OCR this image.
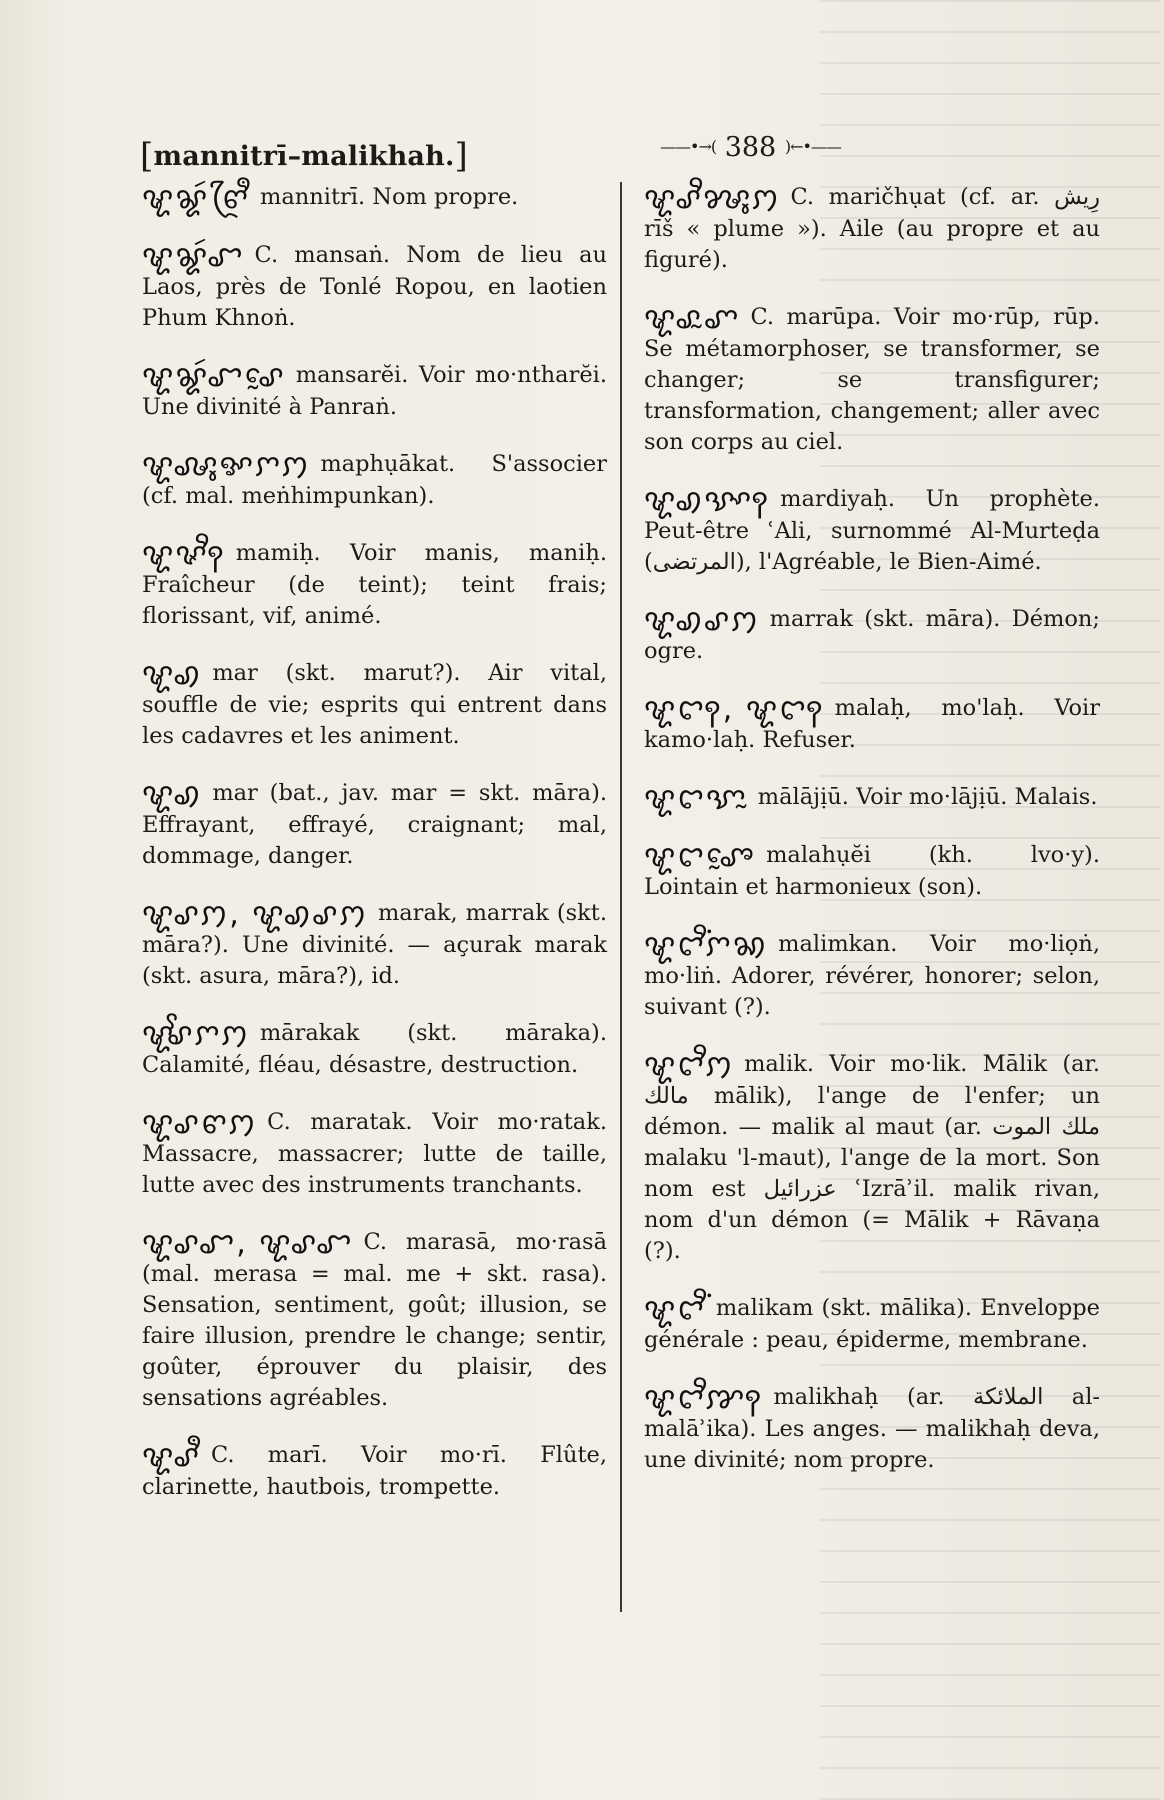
[mannitrī–malikhah.]	——•→( 388 )←•——
ꨠꨘꩃꨓꨴꨫ mannitrī. Nom propre.
ꨠꨘꩃꨧ C. mansaṅ. Nom de lieu au Laos, près de Tonlé Ropou, en laotien Phum Khnoṅ.
ꨠꨘꩃꨧꨣꨰ mansarĕi. Voir mo·ntharĕi. Une divinité à Panraṅ.
ꨠꨜꨶꨀꨆꩀ maphụākat. S'associer (cf. mal. meṅhimpunkan).
ꨠꨟꨪꩍ mamiḥ. Voir manis, maniḥ. Fraîcheur (de teint); teint frais; florissant, vif, animé.
ꨠꩉ mar (skt. marut?). Air vital, souffle de vie; esprits qui entrent dans les cadavres et les animent.
ꨠꩉ mar (bat., jav. mar = skt. māra). Effrayant, effrayé, craignant; mal, dommage, danger.
ꨠꨣꩀ, ꨠꩉꨣꩀ marak, marrak (skt. māra?). Une divinité. — açurak marak (skt. asura, māra?), id.
ꨠꨩꨣꨆꩀ mārakak (skt. māraka). Calamité, fléau, désastre, destruction.
ꨠꨣꨓꩀ C. maratak. Voir mo·ratak. Massacre, massacrer; lutte de taille, lutte avec des instruments tranchants.
ꨠꨣꨧ, ꨠꨣꨧ C. marasā, mo·rasā (mal. merasa = mal. me + skt. rasa). Sensation, sentiment, goût; illusion, se faire illusion, prendre le change; sentir, goûter, éprouver du plaisir, des sensations agréables.
ꨠꨣꨫ C. marī. Voir mo·rī. Flûte, clarinette, hautbois, trompette.
ꨠꨣꨪꨍꨶꩀ C. maričhụat (cf. ar. رِيش rīš « plume »). Aile (au propre et au figuré).
ꨠꨣꨭꨚ C. marūpa. Voir mo·rūp, rūp. Se métamorphoser, se transformer, se changer; se transfigurer; transformation, changement; aller avec son corps au ciel.
ꨠꩉꨕꨳꩍ mardiyaḥ. Un prophète. Peut-être ʿAli, surnommé Al-Murteḍa (المرتضى), l'Agréable, le Bien-Aimé.
ꨠꩉꨣꩀ marrak (skt. māra). Démon; ogre.
ꨠꨤꩍ, ꨠꨤꩍ malaḥ, mo'laḥ. Voir kamo·laḥ. Refuser.
ꨠꨤꨎꨭ mālājịū. Voir mo·lājịū. Malais.
ꨠꨤꨨꨰ malahụĕi (kh. lvo·y). Lointain et harmonieux (son).
ꨠꨤꨪꩌꨆꩆ malimkan. Voir mo·liọṅ, mo·liṅ. Adorer, révérer, honorer; selon, suivant (?).
ꨠꨤꨪꩀ malik. Voir mo·lik. Mālik (ar. مالك mālik), l'ange de l'enfer; un démon. — malik al maut (ar. ملك الموت malaku 'l-maut), l'ange de la mort. Son nom est عزرائيل ʿIzrāʾil. malik rivan, nom d'un démon (= Mālik + Rāvaṇa (?).
ꨠꨤꨪꩌ malikam (skt. mālika). Enveloppe générale : peau, épiderme, membrane.
ꨠꨤꨪꨇꩍ malikhaḥ (ar. الملائكة al-malāʾika). Les anges. — malikhaḥ deva, une divinité; nom propre.
